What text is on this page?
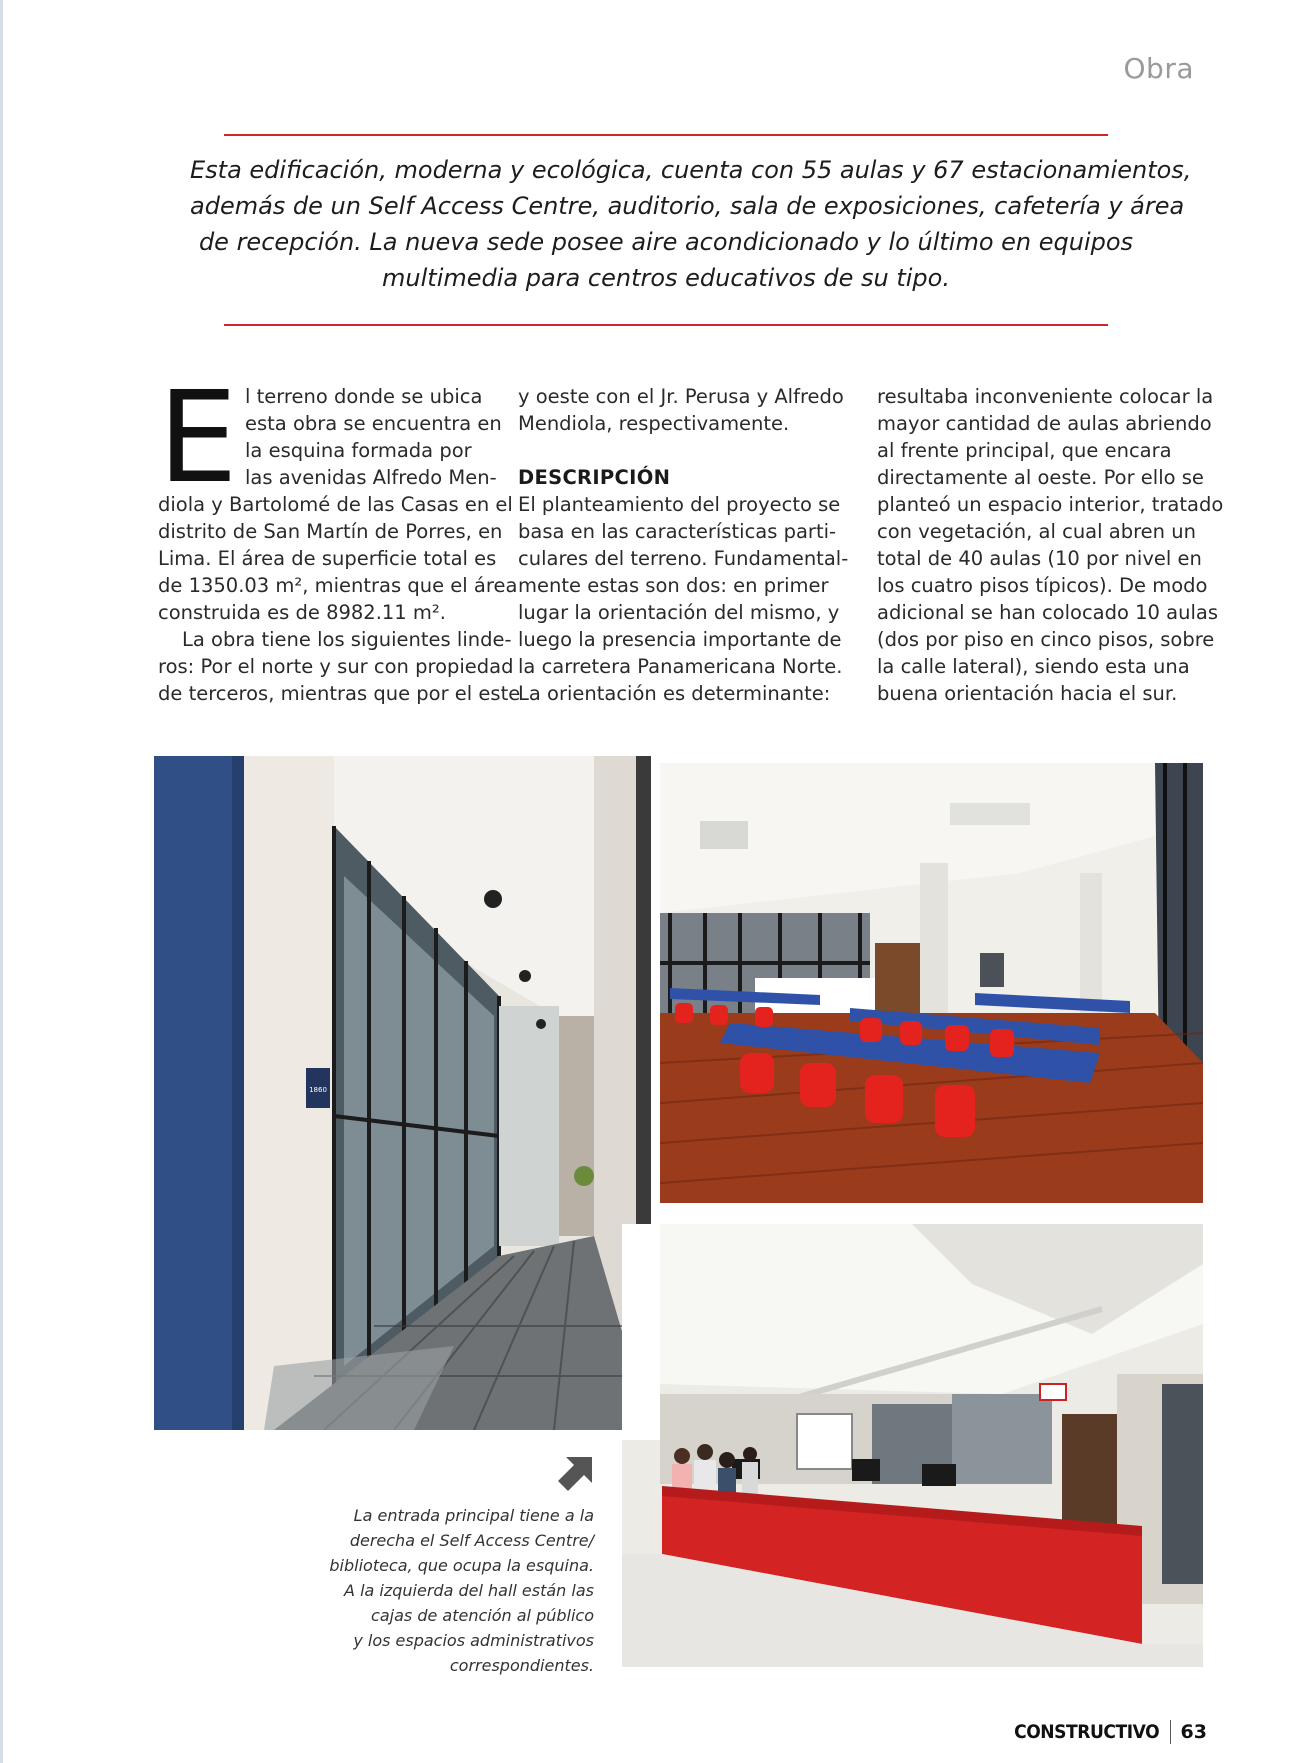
Obra
Esta edificación, moderna y ecológica, cuenta con 55 aulas y 67 estacionamientos,
además de un Self Access Centre, auditorio, sala de exposiciones, cafetería y área
de recepción. La nueva sede posee aire acondicionado y lo último en equipos
multimedia para centros educativos de su tipo.
E l terreno donde se ubica
esta obra se encuentra en
la esquina formada por
las avenidas Alfredo Men-
diola y Bartolomé de las Casas en el
distrito de San Martín de Porres, en
Lima. El área de superficie total es
de 1350.03 m², mientras que el área
construida es de 8982.11 m².
La obra tiene los siguientes linde-
ros: Por el norte y sur con propiedad
de terceros, mientras que por el este
y oeste con el Jr. Perusa y Alfredo
Mendiola, respectivamente.
DESCRIPCIÓN
El planteamiento del proyecto se
basa en las características parti-
culares del terreno. Fundamental-
mente estas son dos: en primer
lugar la orientación del mismo, y
luego la presencia importante de
la carretera Panamericana Norte.
La orientación es determinante:
resultaba inconveniente colocar la
mayor cantidad de aulas abriendo
al frente principal, que encara
directamente al oeste. Por ello se
planteó un espacio interior, tratado
con vegetación, al cual abren un
total de 40 aulas (10 por nivel en
los cuatro pisos típicos). De modo
adicional se han colocado 10 aulas
(dos por piso en cinco pisos, sobre
la calle lateral), siendo esta una
buena orientación hacia el sur.
1860
La entrada principal tiene a la
derecha el Self Access Centre/
biblioteca, que ocupa la esquina.
A la izquierda del hall están las
cajas de atención al público
y los espacios administrativos
correspondientes.
CONSTRUCTIVO 63
